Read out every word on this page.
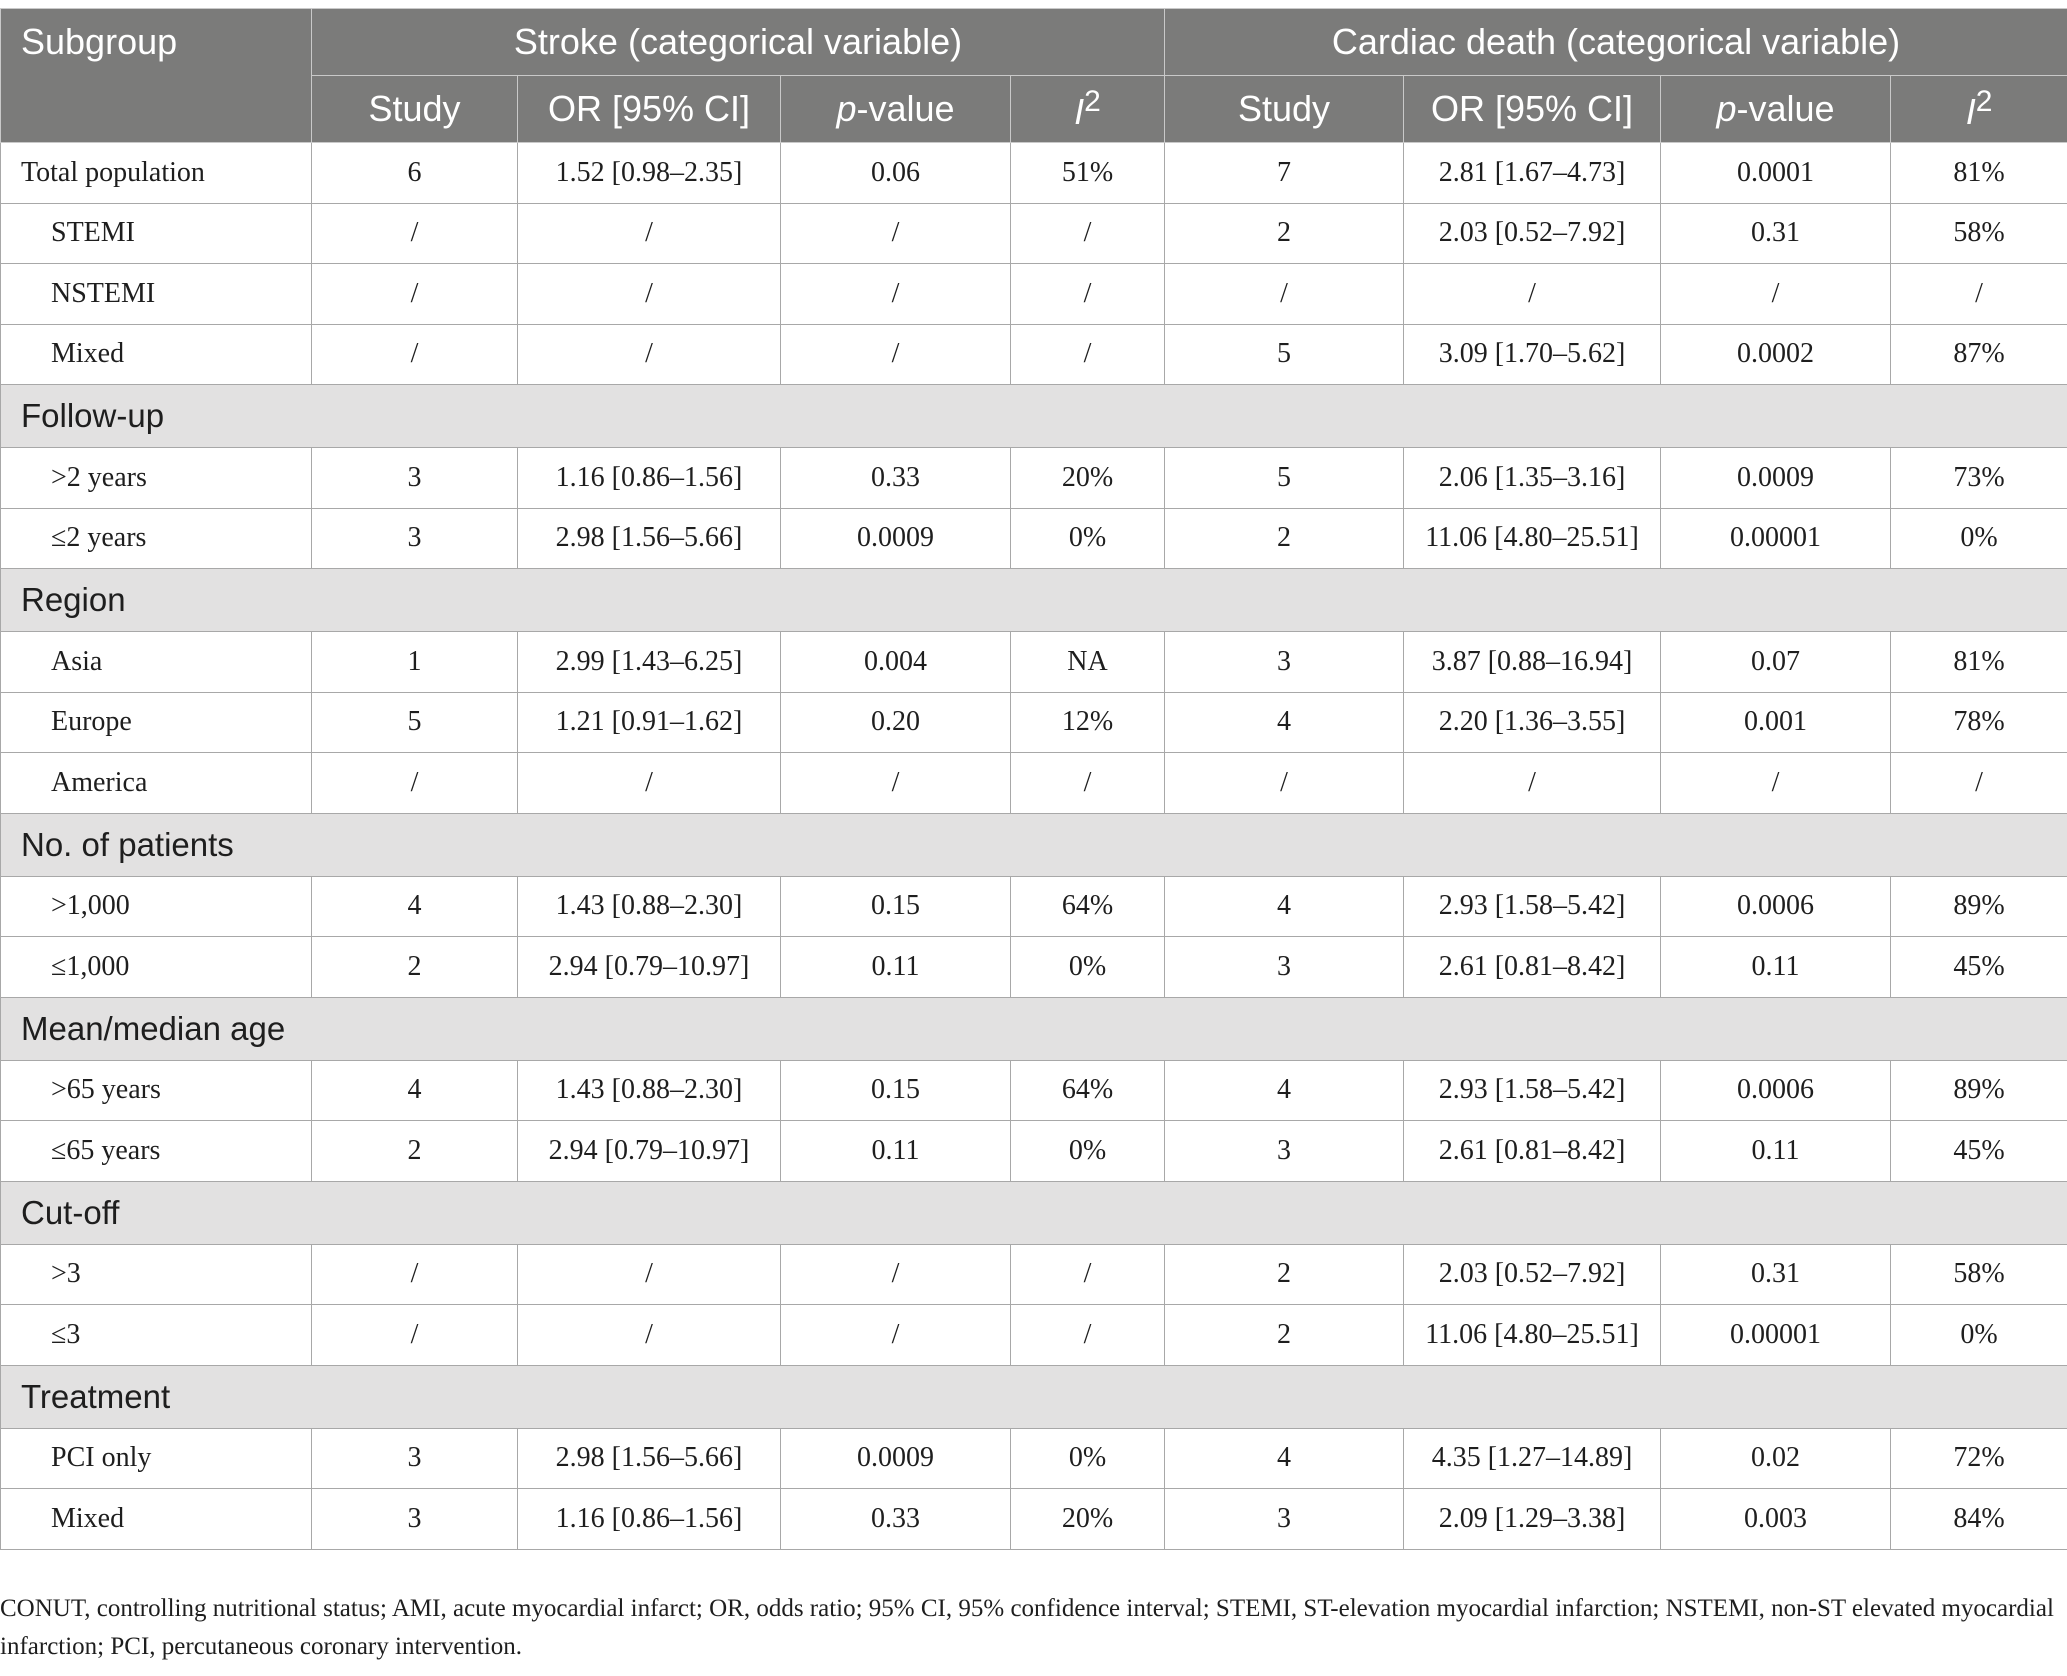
Subgroup	Stroke (categorical variable)				Cardiac death (categorical variable)			
	Study	OR [95% CI]	p-value	$I^2$	Study	OR [95% CI]	p-value	$I^2$
Total population	6	1.52 [0.98–2.35]	0.06	51%	7	2.81 [1.67–4.73]	0.0001	81%
STEMI	/	/	/	/	2	2.03 [0.52–7.92]	0.31	58%
NSTEMI	/	/	/	/	/	/	/	/
Mixed	/	/	/	/	5	3.09 [1.70–5.62]	0.0002	87%
Follow-up								
>2 years	3	1.16 [0.86–1.56]	0.33	20%	5	2.06 [1.35–3.16]	0.0009	73%
≤2 years	3	2.98 [1.56–5.66]	0.0009	0%	2	11.06 [4.80–25.51]	0.00001	0%
Region								
Asia	1	2.99 [1.43–6.25]	0.004	NA	3	3.87 [0.88–16.94]	0.07	81%
Europe	5	1.21 [0.91–1.62]	0.20	12%	4	2.20 [1.36–3.55]	0.001	78%
America	/	/	/	/	/	/	/	/
No. of patients								
>1,000	4	1.43 [0.88–2.30]	0.15	64%	4	2.93 [1.58–5.42]	0.0006	89%
≤1,000	2	2.94 [0.79–10.97]	0.11	0%	3	2.61 [0.81–8.42]	0.11	45%
Mean/median age								
>65 years	4	1.43 [0.88–2.30]	0.15	64%	4	2.93 [1.58–5.42]	0.0006	89%
≤65 years	2	2.94 [0.79–10.97]	0.11	0%	3	2.61 [0.81–8.42]	0.11	45%
Cut-off								
>3	/	/	/	/	2	2.03 [0.52–7.92]	0.31	58%
≤3	/	/	/	/	2	11.06 [4.80–25.51]	0.00001	0%
Treatment								
PCI only	3	2.98 [1.56–5.66]	0.0009	0%	4	4.35 [1.27–14.89]	0.02	72%
Mixed	3	1.16 [0.86–1.56]	0.33	20%	3	2.09 [1.29–3.38]	0.003	84%
CONUT, controlling nutritional status; AMI, acute myocardial infarct; OR, odds ratio; 95% CI, 95% confidence interval; STEMI, ST-elevation myocardial infarction; NSTEMI, non-ST elevated myocardial infarction; PCI, percutaneous coronary intervention.
